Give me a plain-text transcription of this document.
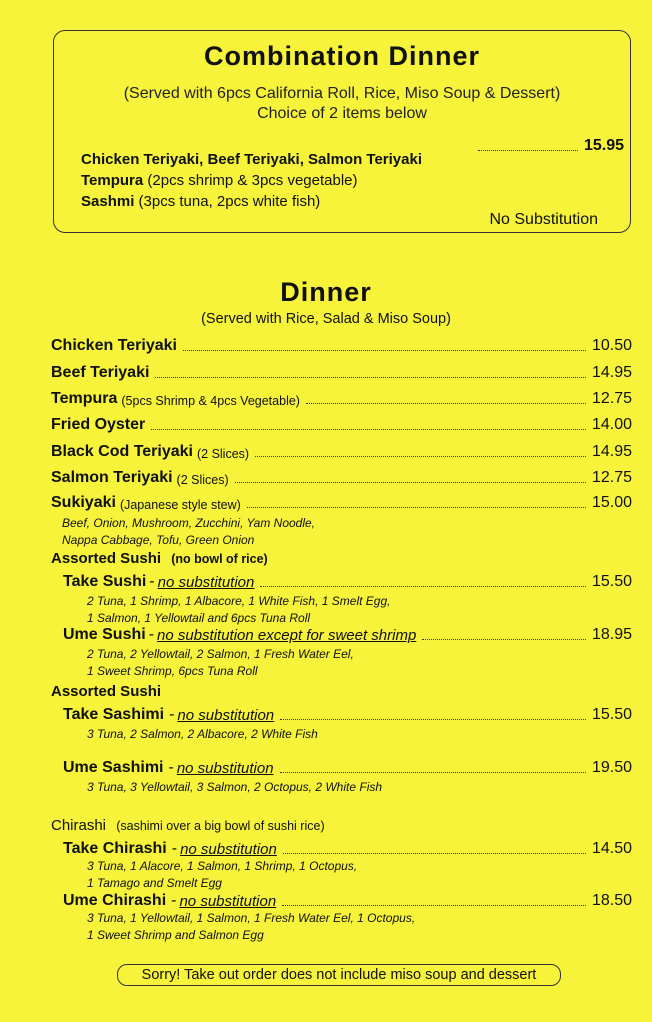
Combination Dinner
(Served with 6pcs California Roll, Rice, Miso Soup & Dessert)
Choice of 2 items below
15.95
Chicken Teriyaki, Beef Teriyaki, Salmon Teriyaki
Tempura (2pcs shrimp & 3pcs vegetable)
Sashmi (3pcs tuna, 2pcs white fish)
No Substitution
Dinner
(Served with Rice, Salad & Miso Soup)
Chicken Teriyaki	10.50
Beef Teriyaki	14.95
Tempura (5pcs Shrimp & 4pcs Vegetable)	12.75
Fried Oyster	14.00
Black Cod Teriyaki (2 Slices)	14.95
Salmon Teriyaki (2 Slices)	12.75
Sukiyaki (Japanese style stew)	15.00
Beef, Onion, Mushroom, Zucchini, Yam Noodle,
Nappa Cabbage, Tofu, Green Onion
Assorted Sushi (no bowl of rice)
Take Sushi - no substitution	15.50
2 Tuna, 1 Shrimp, 1 Albacore, 1 White Fish, 1 Smelt Egg,
1 Salmon, 1 Yellowtail and 6pcs Tuna Roll
Ume Sushi - no substitution except for sweet shrimp	18.95
2 Tuna, 2 Yellowtail, 2 Salmon, 1 Fresh Water Eel,
1 Sweet Shrimp, 6pcs Tuna Roll
Assorted Sushi
Take Sashimi - no substitution	15.50
3 Tuna, 2 Salmon, 2 Albacore, 2 White Fish
Ume Sashimi - no substitution	19.50
3 Tuna, 3 Yellowtail, 3 Salmon, 2 Octopus, 2 White Fish
Chirashi (sashimi over a big bowl of sushi rice)
Take Chirashi - no substitution	14.50
3 Tuna, 1 Alacore, 1 Salmon, 1 Shrimp, 1 Octopus,
1 Tamago and Smelt Egg
Ume Chirashi - no substitution	18.50
3 Tuna, 1 Yellowtail, 1 Salmon, 1 Fresh Water Eel, 1 Octopus,
1 Sweet Shrimp and Salmon Egg
Sorry! Take out order does not include miso soup and dessert
